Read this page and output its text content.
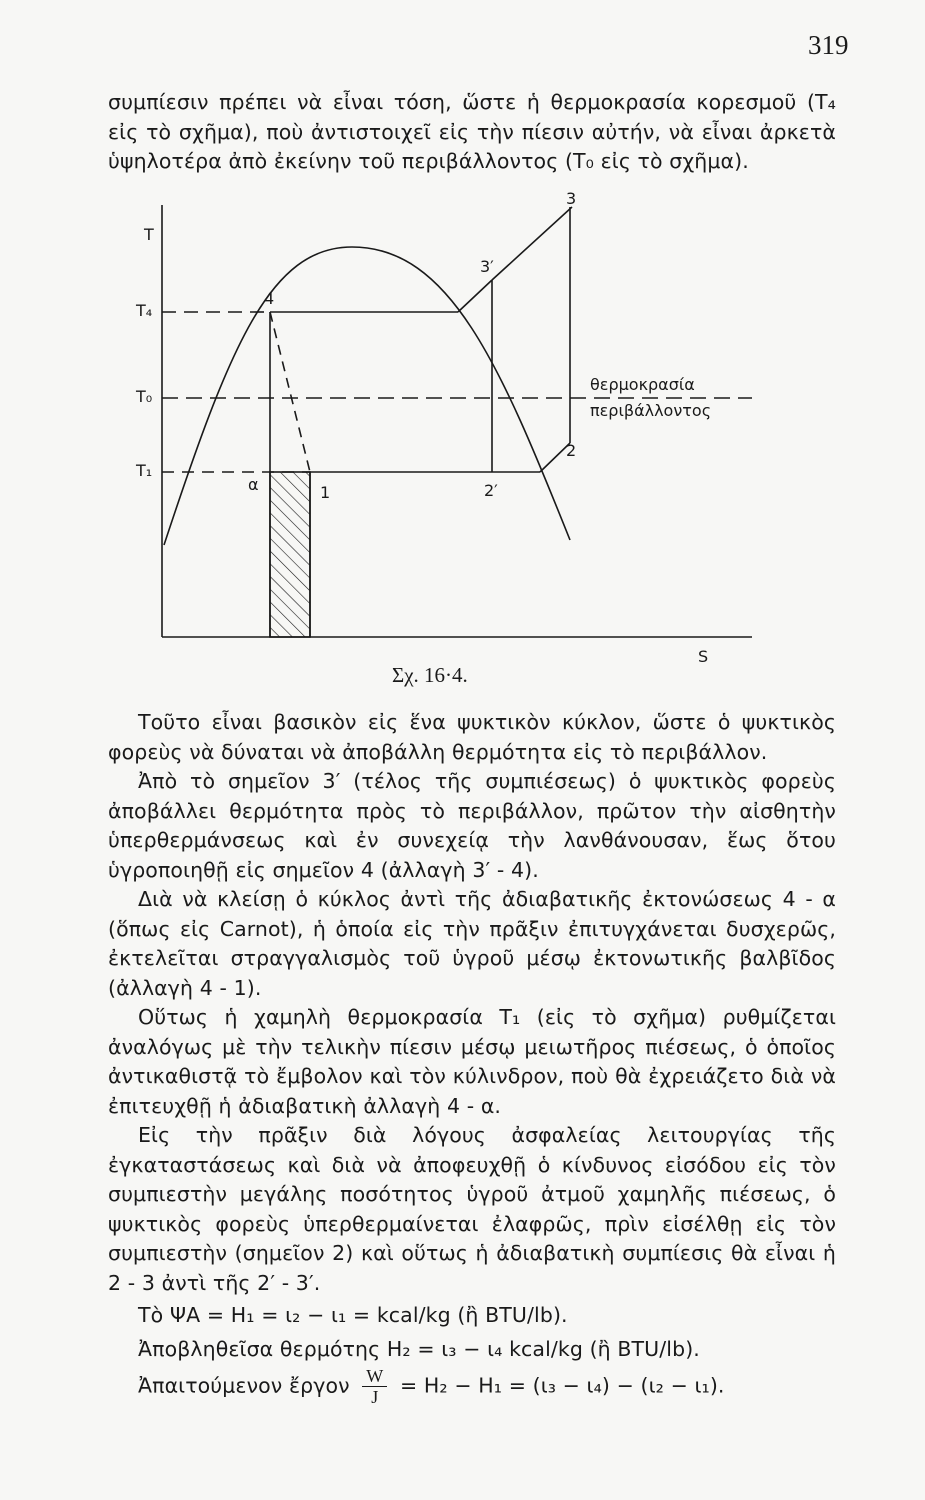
319

συμπίεσιν πρέπει νὰ εἶναι τόση, ὥστε ἡ θερμοκρασία κορεσμοῦ (T₄ εἰς τὸ σχῆμα), ποὺ ἀντιστοιχεῖ εἰς τὴν πίεσιν αὐτήν, νὰ εἶναι ἀρκετὰ ὑψηλοτέρα ἀπὸ ἐκείνην τοῦ περιβάλλοντος (T₀ εἰς τὸ σχῆμα).

T
T₄
T₀
T₁
4
α	1	2′
2
3
3′
θερμοκρασία
περιβάλλοντος
S
Σχ. 16·4.

Τοῦτο εἶναι βασικὸν εἰς ἕνα ψυκτικὸν κύκλον, ὥστε ὁ ψυκτικὸς φορεὺς νὰ δύναται νὰ ἀποβάλλη θερμότητα εἰς τὸ περιβάλλον.

Ἀπὸ τὸ σημεῖον 3′ (τέλος τῆς συμπιέσεως) ὁ ψυκτικὸς φορεὺς ἀποβάλλει θερμότητα πρὸς τὸ περιβάλλον, πρῶτον τὴν αἰσθητὴν ὑπερθερμάνσεως καὶ ἐν συνεχείᾳ τὴν λανθάνουσαν, ἕως ὅτου ὑγροποιηθῇ εἰς σημεῖον 4 (ἀλλαγὴ 3′ - 4).

Διὰ νὰ κλείσῃ ὁ κύκλος ἀντὶ τῆς ἀδιαβατικῆς ἐκτονώσεως 4 - α (ὅπως εἰς Carnot), ἡ ὁποία εἰς τὴν πρᾶξιν ἐπιτυγχάνεται δυσχερῶς, ἐκτελεῖται στραγγαλισμὸς τοῦ ὑγροῦ μέσῳ ἐκτονωτικῆς βαλβῖδος (ἀλλαγὴ 4 - 1).

Οὕτως ἡ χαμηλὴ θερμοκρασία T₁ (εἰς τὸ σχῆμα) ρυθμίζεται ἀναλόγως μὲ τὴν τελικὴν πίεσιν μέσῳ μειωτῆρος πιέσεως, ὁ ὁποῖος ἀντικαθιστᾷ τὸ ἔμβολον καὶ τὸν κύλινδρον, ποὺ θὰ ἐχρειάζετο διὰ νὰ ἐπιτευχθῇ ἡ ἀδιαβατικὴ ἀλλαγὴ 4 - α.

Εἰς τὴν πρᾶξιν διὰ λόγους ἀσφαλείας λειτουργίας τῆς ἐγκαταστάσεως καὶ διὰ νὰ ἀποφευχθῇ ὁ κίνδυνος εἰσόδου εἰς τὸν συμπιεστὴν μεγάλης ποσότητος ὑγροῦ ἀτμοῦ χαμηλῆς πιέσεως, ὁ ψυκτικὸς φορεὺς ὑπερθερμαίνεται ἐλαφρῶς, πρὶν εἰσέλθῃ εἰς τὸν συμπιεστὴν (σημεῖον 2) καὶ οὕτως ἡ ἀδιαβατικὴ συμπίεσις θὰ εἶναι ἡ 2 - 3 ἀντὶ τῆς 2′ - 3′.

Τὸ ΨΑ = H₁ = ι₂ − ι₁ = kcal/kg (ἢ BTU/lb).

Ἀποβληθεῖσα θερμότης H₂ = ι₃ − ι₄ kcal/kg (ἢ BTU/lb).

Ἀπαιτούμενον ἔργον $\frac{W}{J} = H_2 - H_1 = (\iota_3 - \iota_4) - (\iota_2 - \iota_1)$.
